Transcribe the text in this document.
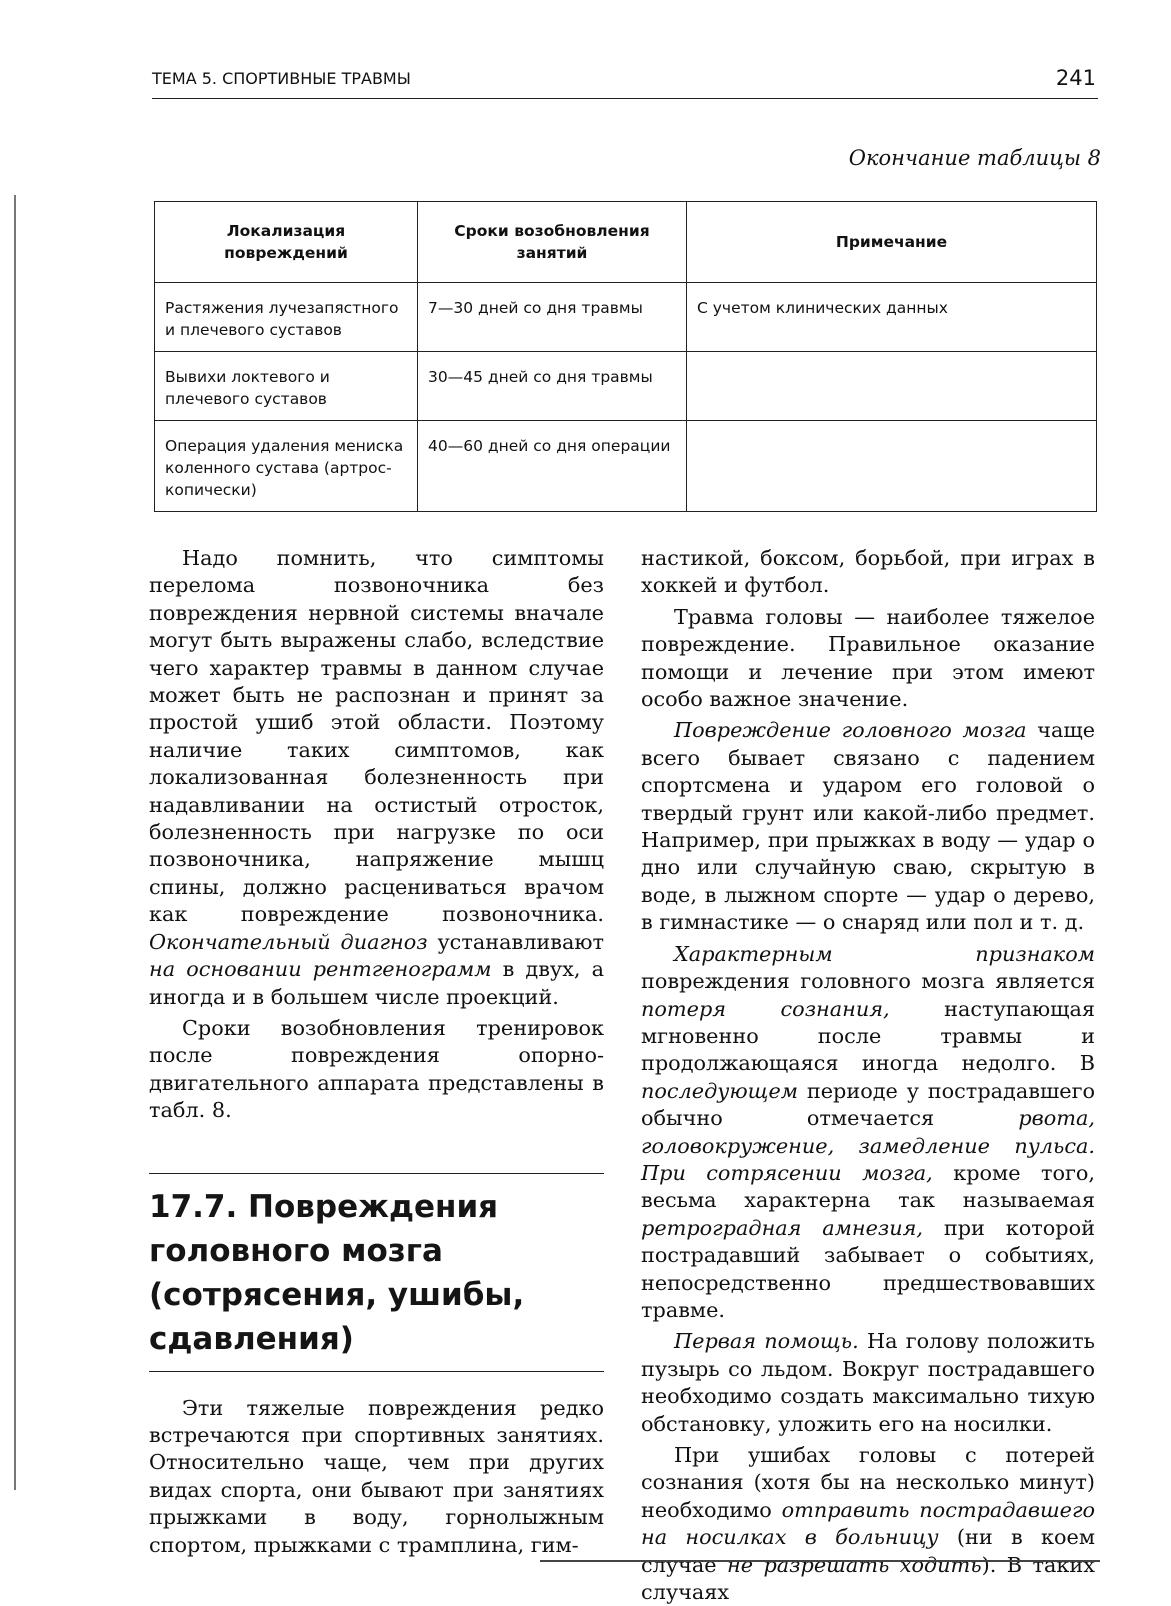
ТЕМА 5. СПОРТИВНЫЕ ТРАВМЫ	241
Окончание таблицы 8
Локализация повреждений	Сроки возобновления занятий	Примечание
Растяжения лучезапястного и плечевого суставов	7—30 дней со дня травмы	С учетом клинических данных
Вывихи локтевого и плечевого суставов	30—45 дней со дня травмы	
Операция удаления мениска коленного сустава (артрос-копически)	40—60 дней со дня операции	

Надо помнить, что симптомы перелома позвоночника без повреждения нервной системы вначале могут быть выражены слабо, вследствие чего характер травмы в данном случае может быть не распознан и принят за простой ушиб этой области. Поэтому наличие таких симптомов, как локализованная болезненность при надавливании на остистый отросток, болезненность при нагрузке по оси позвоночника, напряжение мышц спины, должно расцениваться врачом как повреждение позвоночника. Окончательный диагноз устанавливают на основании рентгенограмм в двух, а иногда и в большем числе проекций.

Сроки возобновления тренировок после повреждения опорно-двигательного аппарата представлены в табл. 8.

17.7. Повреждения головного мозга (сотрясения, ушибы, сдавления)

Эти тяжелые повреждения редко встречаются при спортивных занятиях. Относительно чаще, чем при других видах спорта, они бывают при занятиях прыжками в воду, горнолыжным спортом, прыжками с трамплина, гим-

настикой, боксом, борьбой, при играх в хоккей и футбол.

Травма головы — наиболее тяжелое повреждение. Правильное оказание помощи и лечение при этом имеют особо важное значение.

Повреждение головного мозга чаще всего бывает связано с падением спортсмена и ударом его головой о твердый грунт или какой-либо предмет. Например, при прыжках в воду — удар о дно или случайную сваю, скрытую в воде, в лыжном спорте — удар о дерево, в гимнастике — о снаряд или пол и т. д.

Характерным признаком повреждения головного мозга является потеря сознания, наступающая мгновенно после травмы и продолжающаяся иногда недолго. В последующем периоде у пострадавшего обычно отмечается рвота, головокружение, замедление пульса. При сотрясении мозга, кроме того, весьма характерна так называемая ретроградная амнезия, при которой пострадавший забывает о событиях, непосредственно предшествовавших травме.

Первая помощь. На голову положить пузырь со льдом. Вокруг пострадавшего необходимо создать максимально тихую обстановку, уложить его на носилки.

При ушибах головы с потерей сознания (хотя бы на несколько минут) необходимо отправить пострадавшего на носилках в больницу (ни в коем случае не разрешать ходить). В таких случаях
